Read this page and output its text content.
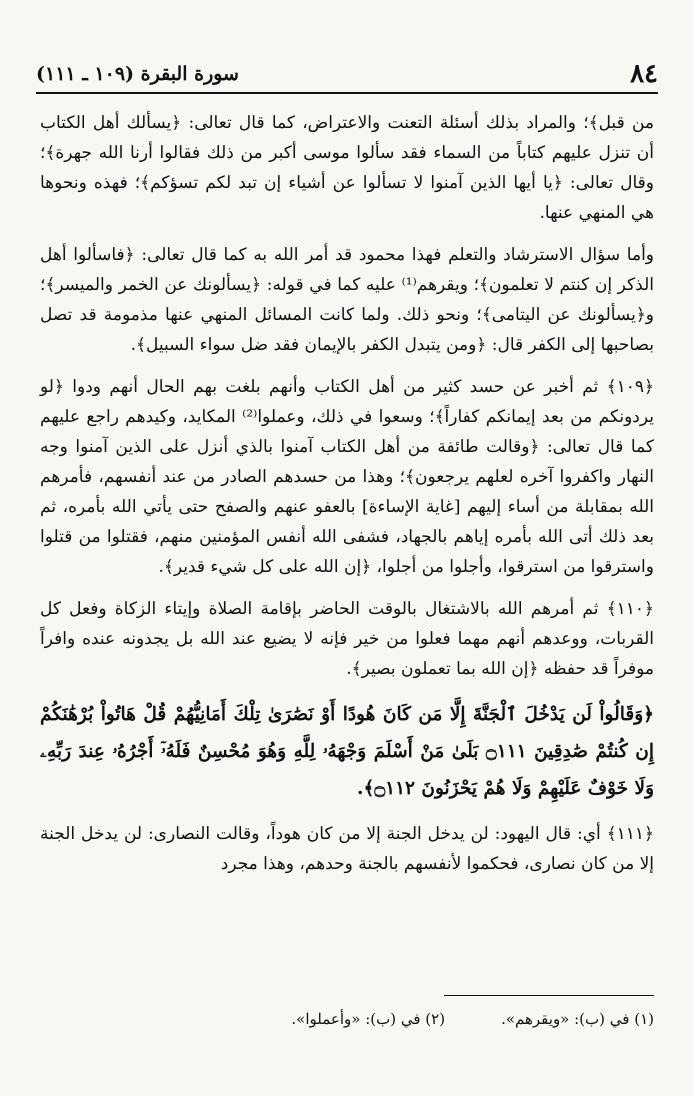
٨٤
سورة البقرة (١٠٩ ـ ١١١)

من قبل﴾؛ والمراد بذلك أسئلة التعنت والاعتراض، كما قال تعالى: ﴿يسألك أهل الكتاب أن تنزل عليهم كتاباً من السماء فقد سألوا موسى أكبر من ذلك فقالوا أرنا الله جهرة﴾؛ وقال تعالى: ﴿يا أيها الذين آمنوا لا تسألوا عن أشياء إن تبد لكم تسؤكم﴾؛ فهذه ونحوها هي المنهي عنها.

وأما سؤال الاسترشاد والتعلم فهذا محمود قد أمر الله به كما قال تعالى: ﴿فاسألوا أهل الذكر إن كنتم لا تعلمون﴾؛ ويقرهم⁽¹⁾ عليه كما في قوله: ﴿يسألونك عن الخمر والميسر﴾؛ و﴿يسألونك عن اليتامى﴾؛ ونحو ذلك. ولما كانت المسائل المنهي عنها مذمومة قد تصل بصاحبها إلى الكفر قال: ﴿ومن يتبدل الكفر بالإيمان فقد ضل سواء السبيل﴾.

﴿١٠٩﴾ ثم أخبر عن حسد كثير من أهل الكتاب وأنهم بلغت بهم الحال أنهم ودوا ﴿لو يردونكم من بعد إيمانكم كفاراً﴾؛ وسعوا في ذلك، وعملوا⁽²⁾ المكايد، وكيدهم راجع عليهم كما قال تعالى: ﴿وقالت طائفة من أهل الكتاب آمنوا بالذي أنزل على الذين آمنوا وجه النهار واكفروا آخره لعلهم يرجعون﴾؛ وهذا من حسدهم الصادر من عند أنفسهم، فأمرهم الله بمقابلة من أساء إليهم [غاية الإساءة] بالعفو عنهم والصفح حتى يأتي الله بأمره، ثم بعد ذلك أتى الله بأمره إياهم بالجهاد، فشفى الله أنفس المؤمنين منهم، فقتلوا من قتلوا واسترقوا من استرقوا، وأجلوا من أجلوا، ﴿إن الله على كل شيء قدير﴾.

﴿١١٠﴾ ثم أمرهم الله بالاشتغال بالوقت الحاضر بإقامة الصلاة وإيتاء الزكاة وفعل كل القربات، ووعدهم أنهم مهما فعلوا من خير فإنه لا يضيع عند الله بل يجدونه عنده وافراً موفراً قد حفظه ﴿إن الله بما تعملون بصير﴾.

﴿وَقَالُواْ لَن يَدْخُلَ ٱلْجَنَّةَ إِلَّا مَن كَانَ هُودًا أَوْ نَصَٰرَىٰ تِلْكَ أَمَانِيُّهُمْ قُلْ هَاتُواْ بُرْهَٰنَكُمْ إِن كُنتُمْ صَٰدِقِينَ ۝١١١ بَلَىٰ مَنْ أَسْلَمَ وَجْهَهُۥ لِلَّهِ وَهُوَ مُحْسِنٌ فَلَهُۥٓ أَجْرُهُۥ عِندَ رَبِّهِۦ وَلَا خَوْفٌ عَلَيْهِمْ وَلَا هُمْ يَحْزَنُونَ ۝١١٢﴾.

﴿١١١﴾ أي: قال اليهود: لن يدخل الجنة إلا من كان هوداً، وقالت النصارى: لن يدخل الجنة إلا من كان نصارى، فحكموا لأنفسهم بالجنة وحدهم، وهذا مجرد

(١) في (ب): «ويقرهم».
(٢) في (ب): «وأعملوا».
